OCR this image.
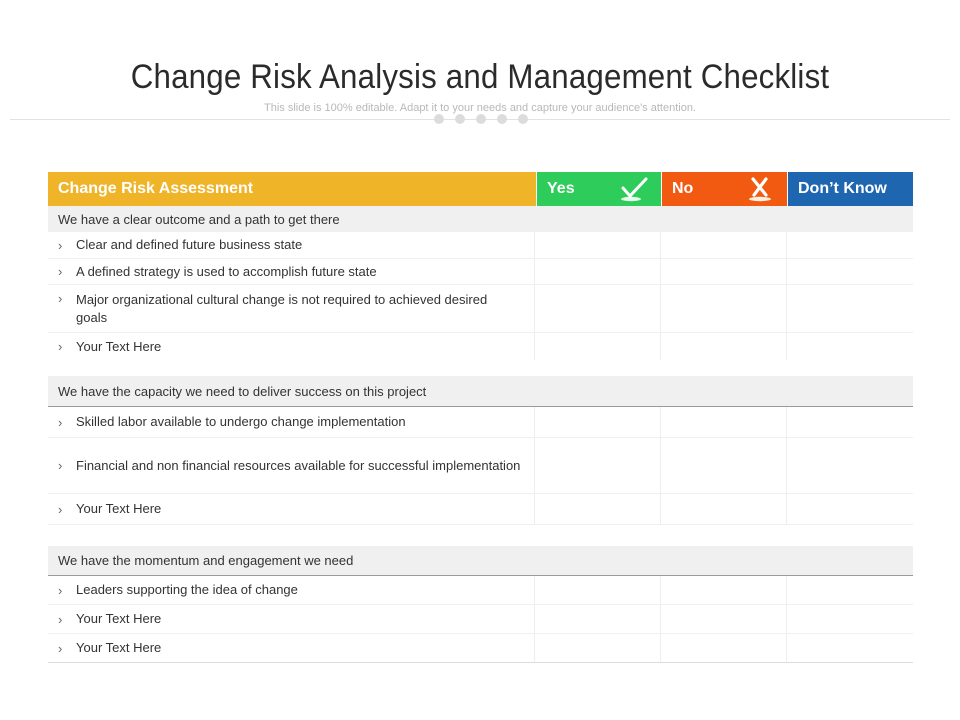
Change Risk Analysis and Management Checklist
This slide is 100% editable. Adapt it to your needs and capture your audience's attention.
Change Risk Assessment	Yes	No	Don’t Know
We have a clear outcome and a path to get there
›	Clear and defined future business state
›	A defined strategy is used to accomplish future state
›	Major organizational cultural change is not required to achieved desired goals
›	Your Text Here
We have the capacity we need to deliver success on this project
›	Skilled labor available to undergo change implementation
›	Financial and non financial resources available for successful implementation
›	Your Text Here
We have the momentum and engagement we need
›	Leaders supporting the idea of change
›	Your Text Here
›	Your Text Here
